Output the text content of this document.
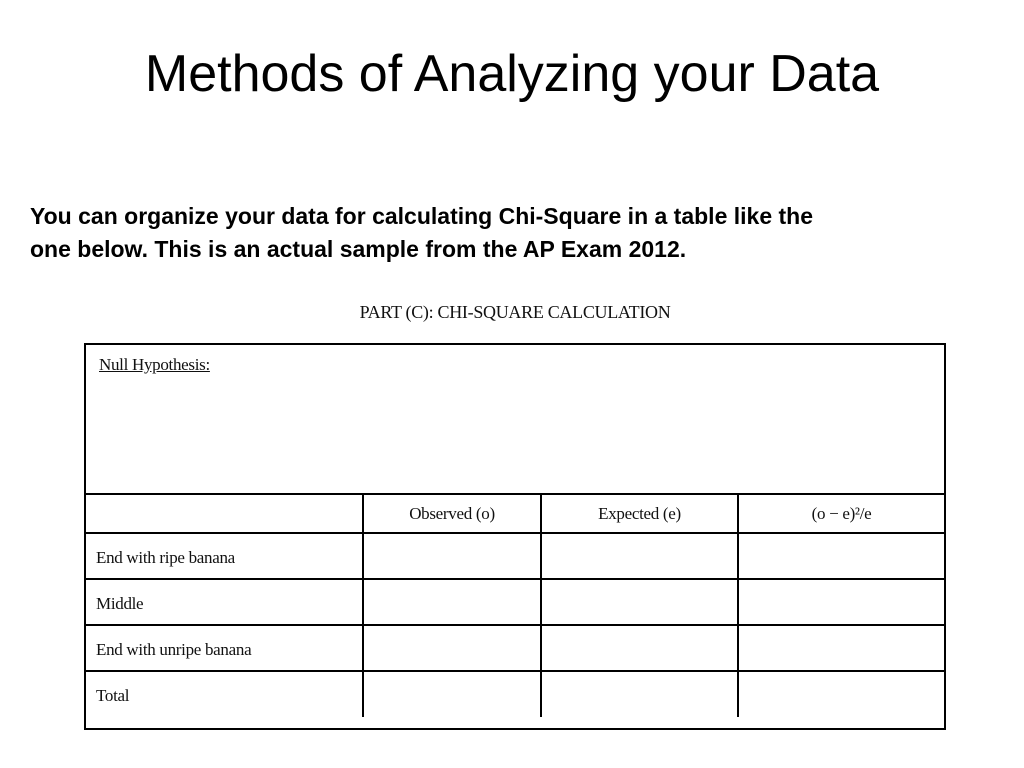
Methods of Analyzing your Data
You can organize your data for calculating Chi-Square in a table like the
one below. This is an actual sample from the AP Exam 2012.
PART (C): CHI-SQUARE CALCULATION
Null Hypothesis:
	Observed (o)	Expected (e)	(o − e)²/e
End with ripe banana			
Middle			
End with unripe banana			
Total			
